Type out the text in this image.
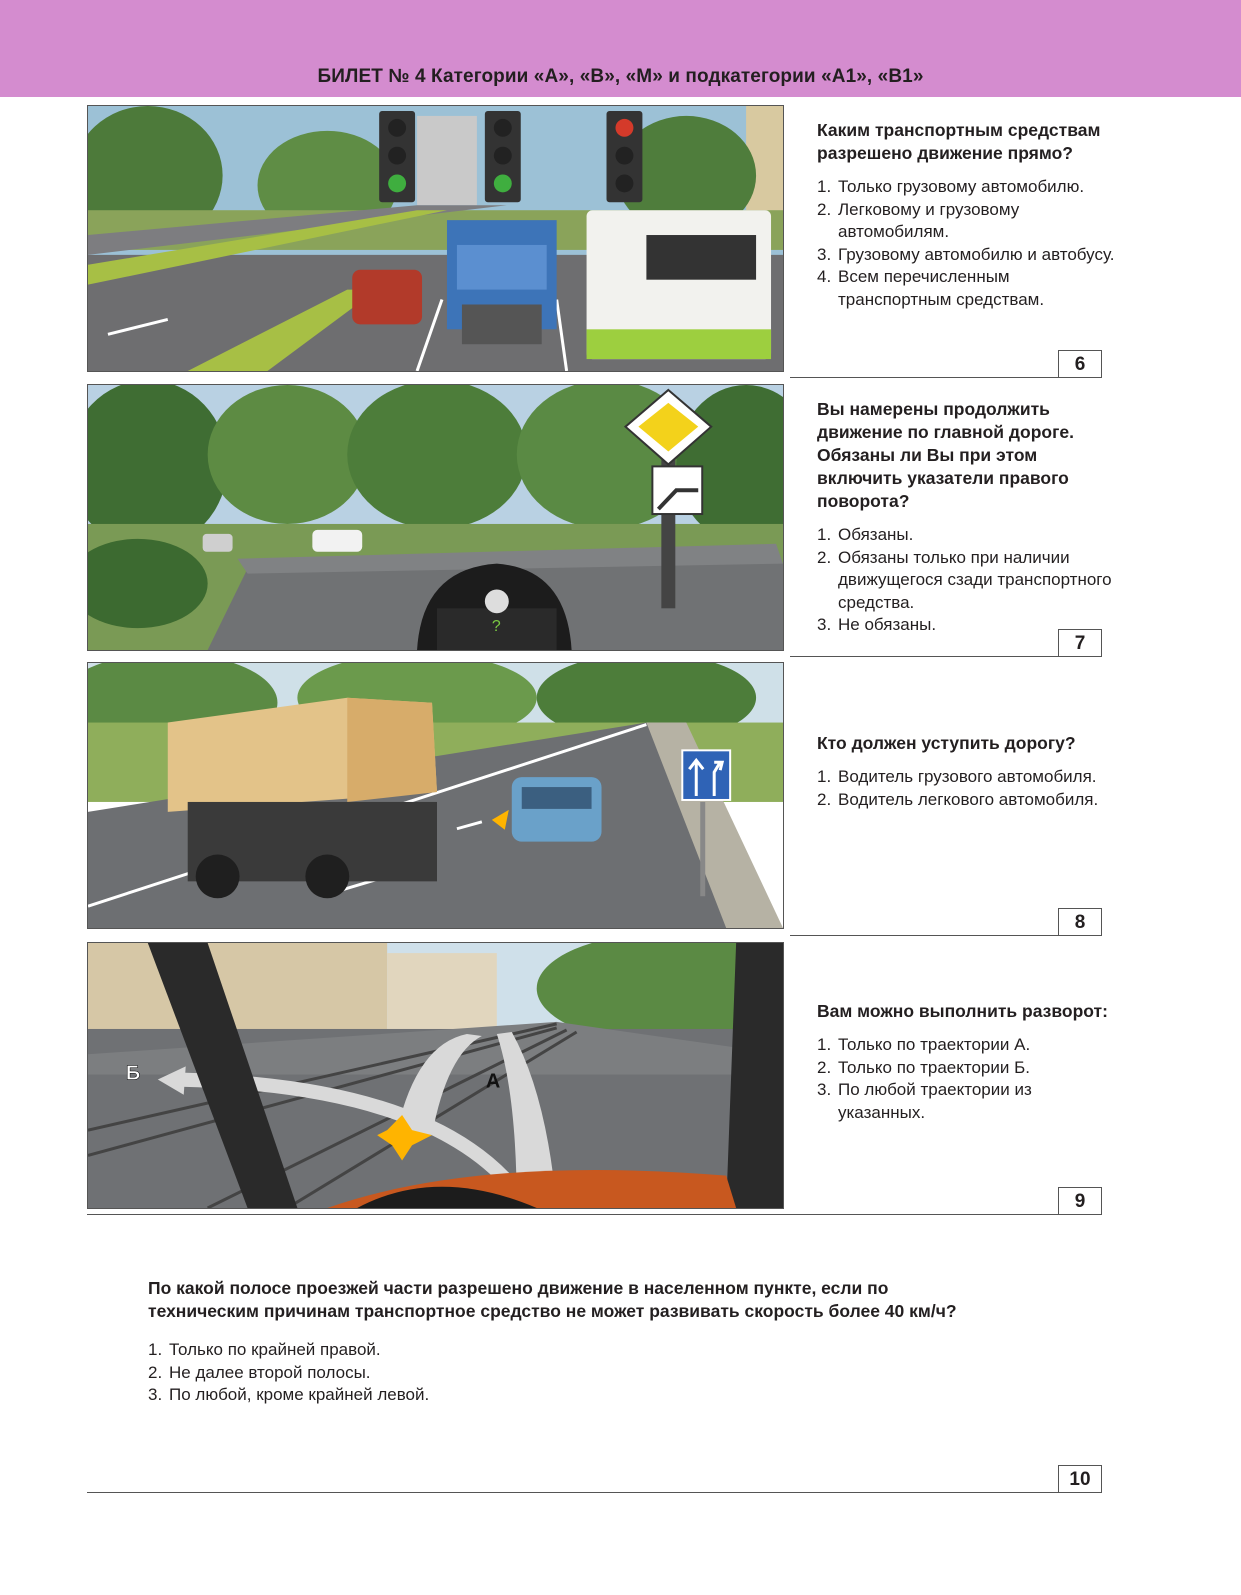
БИЛЕТ № 4 Категории «А», «В», «М» и подкатегории «А1», «В1»

Каким транспортным средствам разрешено движение прямо?

1. Только грузовому автомобилю.
2. Легковому и грузовому автомобилям.
3. Грузовому автомобилю и автобусу.
4. Всем перечисленным транспортным средствам.
6
?

Вы намерены продолжить движение по главной дороге. Обязаны ли Вы при этом включить указатели правого поворота?

1. Обязаны.
2. Обязаны только при наличии движущегося сзади транспортного средства.
3. Не обязаны.
7

Кто должен уступить дорогу?

1. Водитель грузового автомобиля.
2. Водитель легкового автомобиля.
8
Б	А

Вам можно выполнить разворот:

1. Только по траектории А.
2. Только по траектории Б.
3. По любой траектории из указанных.
9

По какой полосе проезжей части разрешено движение в населенном пункте, если по техническим причинам транспортное средство не может развивать скорость более 40 км/ч?

1. Только по крайней правой.
2. Не далее второй полосы.
3. По любой, кроме крайней левой.
10
